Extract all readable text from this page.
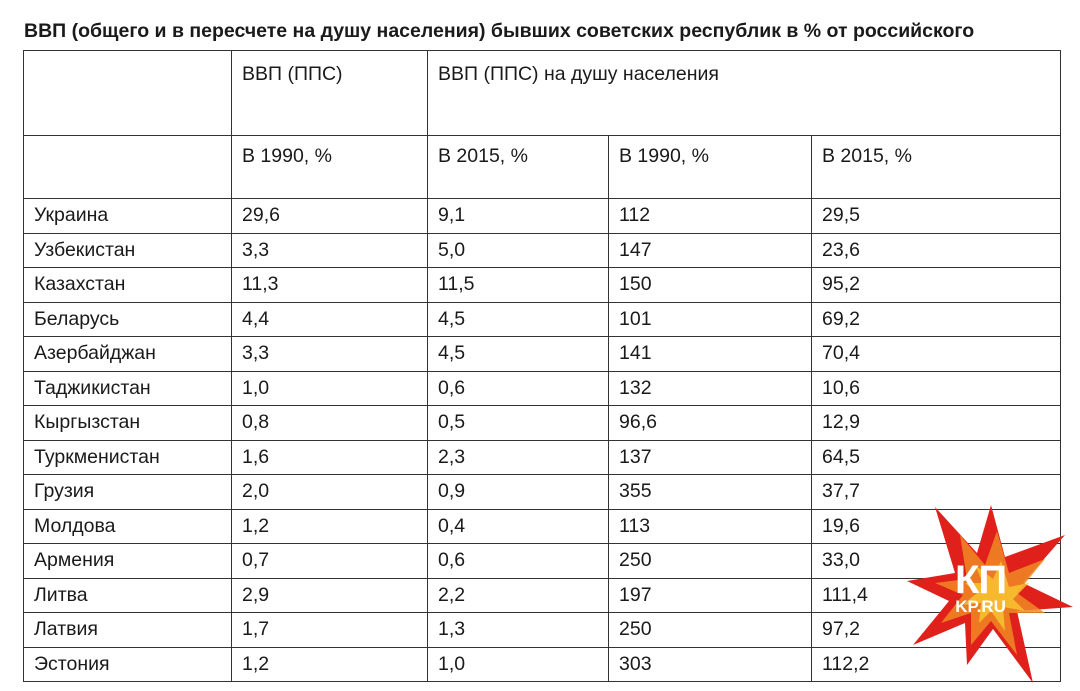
ВВП (общего и в пересчете на душу населения) бывших советских республик в % от российского
	ВВП (ППС)	ВВП (ППС) на душу населения		
	В 1990, %	В 2015, %	В 1990, %	В 2015, %
Украина	29,6	9,1	112	29,5
Узбекистан	3,3	5,0	147	23,6
Казахстан	11,3	11,5	150	95,2
Беларусь	4,4	4,5	101	69,2
Азербайджан	3,3	4,5	141	70,4
Таджикистан	1,0	0,6	132	10,6
Кыргызстан	0,8	0,5	96,6	12,9
Туркменистан	1,6	2,3	137	64,5
Грузия	2,0	0,9	355	37,7
Молдова	1,2	0,4	113	19,6
Армения	0,7	0,6	250	33,0
Литва	2,9	2,2	197	111,4
Латвия	1,7	1,3	250	97,2
Эстония	1,2	1,0	303	112,2
КП
KP.RU
